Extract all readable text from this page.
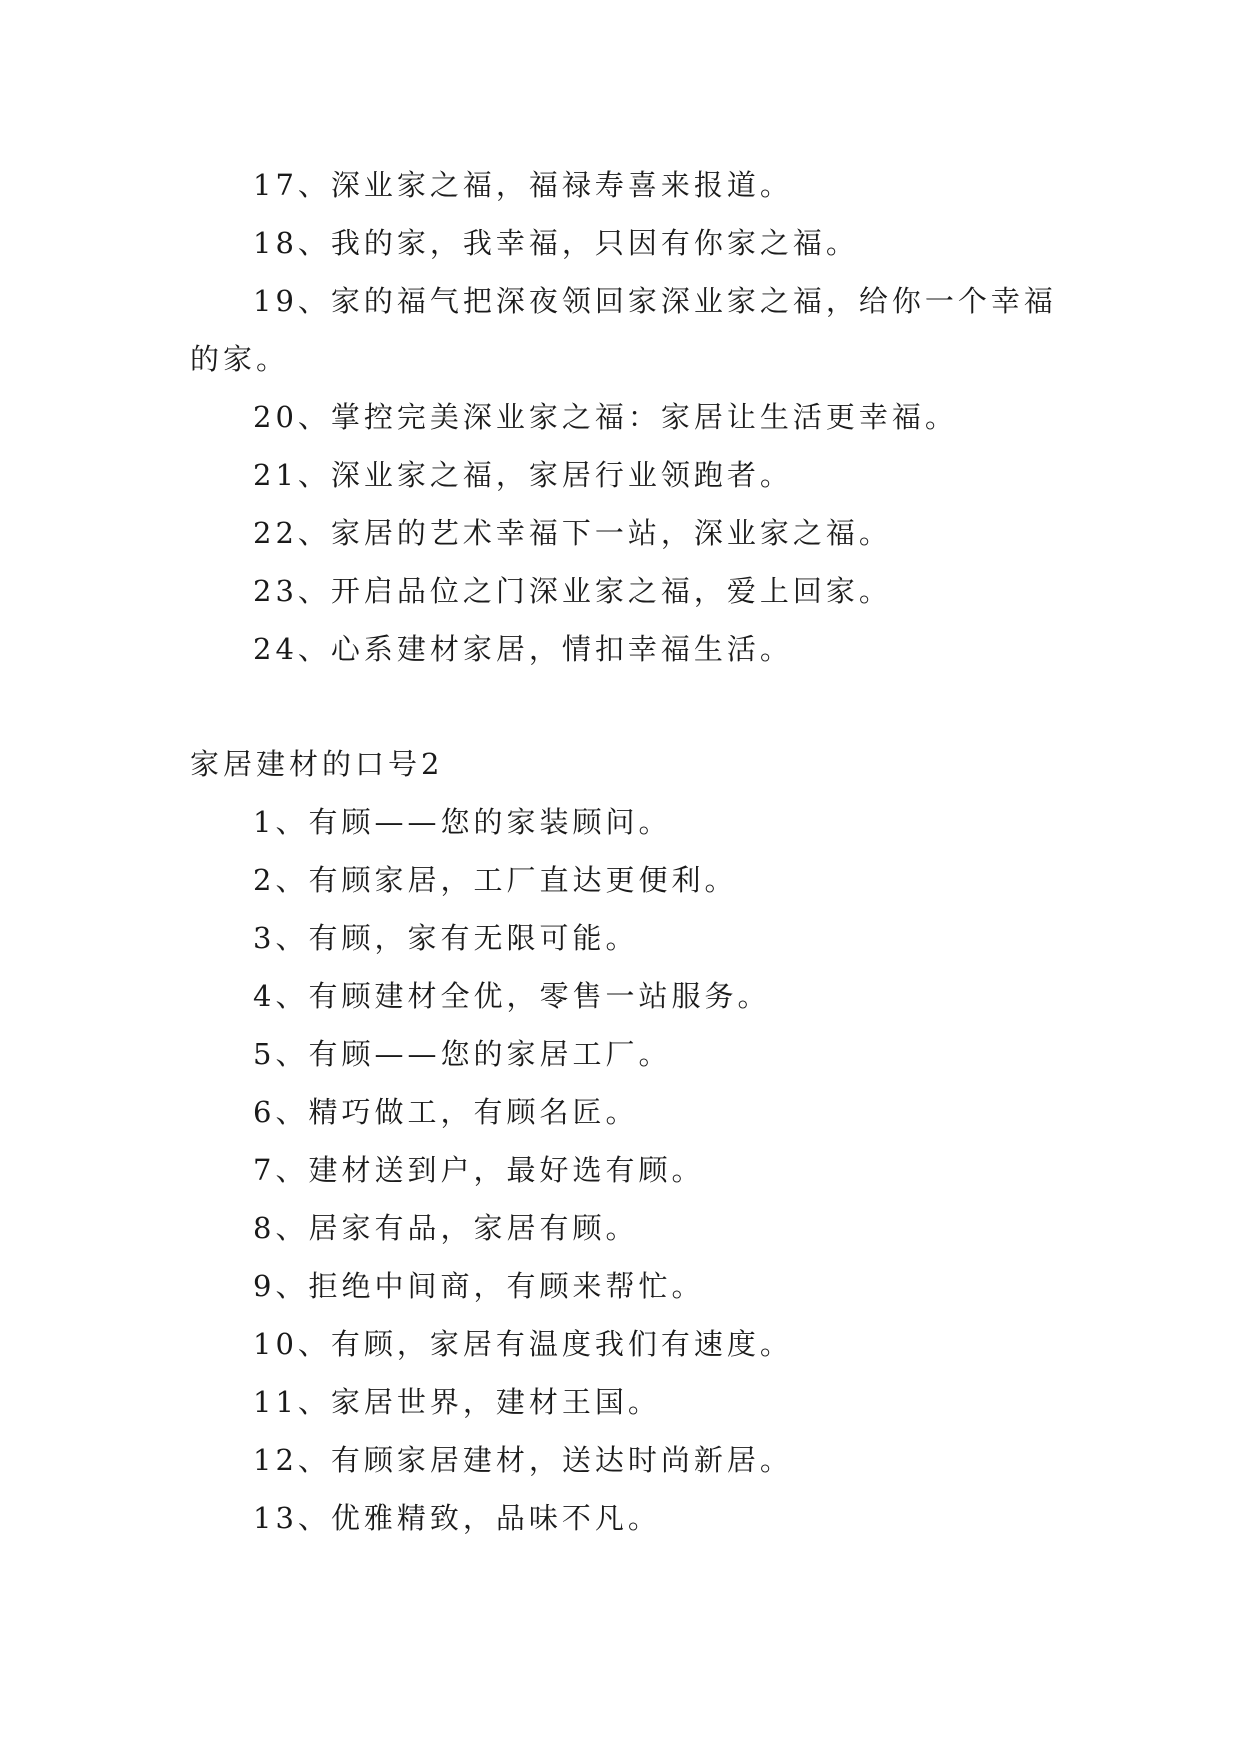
17、深业家之福，福禄寿喜来报道。

18、我的家，我幸福，只因有你家之福。

19、家的福气把深夜领回家深业家之福，给你一个幸福的家。

20、掌控完美深业家之福：家居让生活更幸福。

21、深业家之福，家居行业领跑者。

22、家居的艺术幸福下一站，深业家之福。

23、开启品位之门深业家之福，爱上回家。

24、心系建材家居，情扣幸福生活。

家居建材的口号2

1、有顾——您的家装顾问。

2、有顾家居，工厂直达更便利。

3、有顾，家有无限可能。

4、有顾建材全优，零售一站服务。

5、有顾——您的家居工厂。

6、精巧做工，有顾名匠。

7、建材送到户，最好选有顾。

8、居家有品，家居有顾。

9、拒绝中间商，有顾来帮忙。

10、有顾，家居有温度我们有速度。

11、家居世界，建材王国。

12、有顾家居建材，送达时尚新居。

13、优雅精致，品味不凡。
